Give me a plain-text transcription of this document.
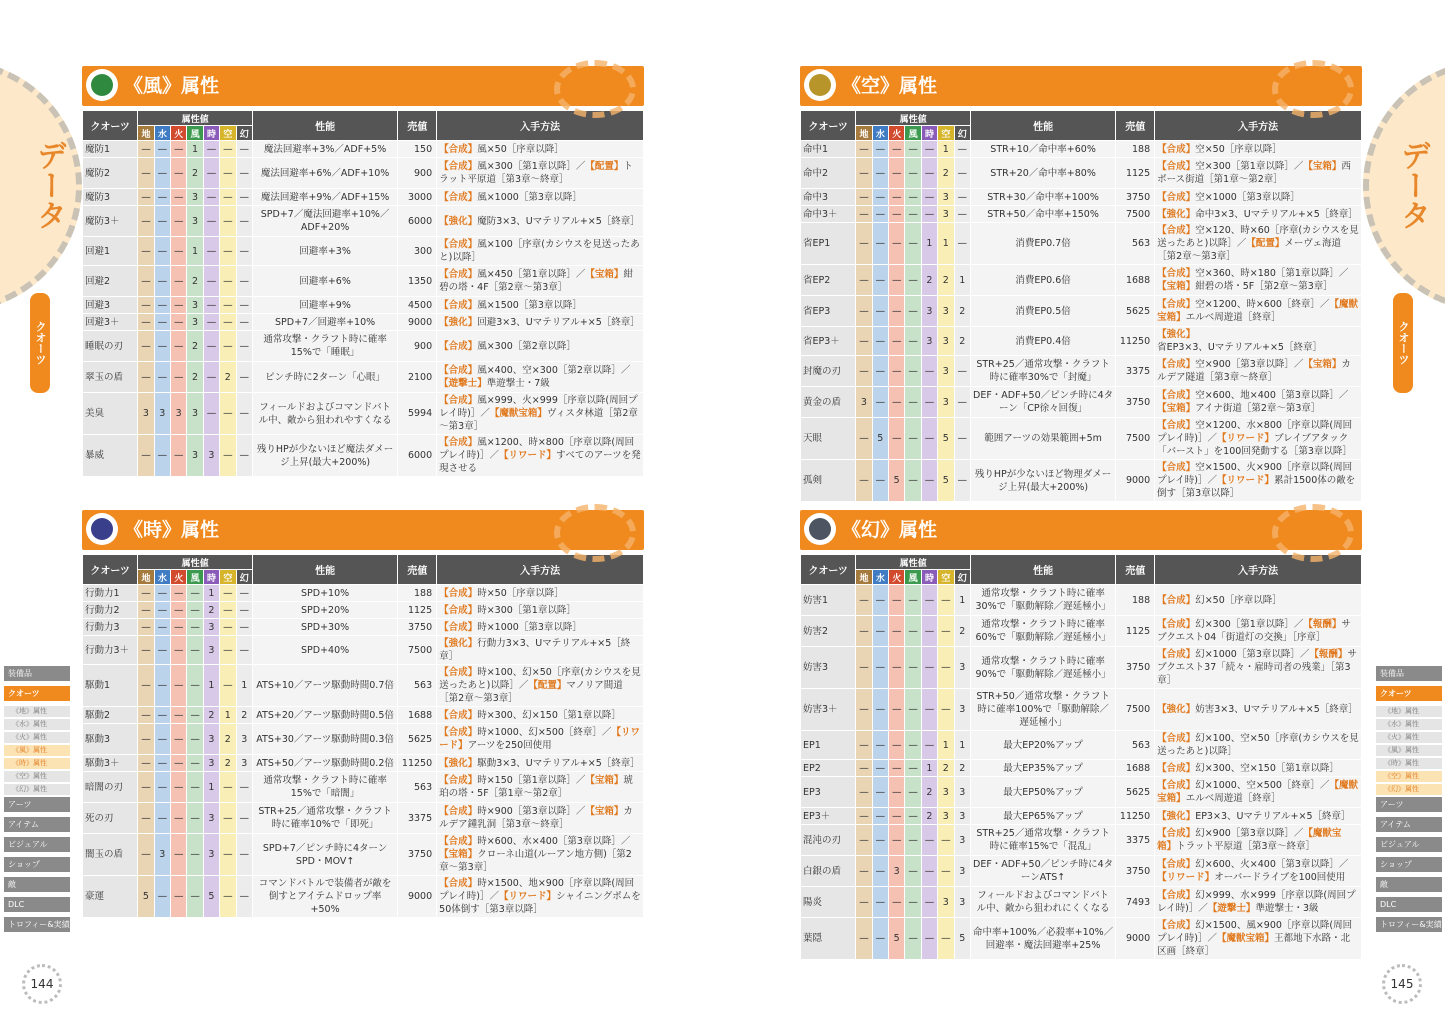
データ
クオーツ
装備品
クオーツ
《地》属性
《水》属性
《火》属性
《風》属性
《時》属性
《空》属性
《幻》属性
アーツ
アイテム
ビジュアル
ショップ
敵
DLC
トロフィー&実績
144
データ
クオーツ
装備品
クオーツ
《地》属性
《水》属性
《火》属性
《風》属性
《時》属性
《空》属性
《幻》属性
アーツ
アイテム
ビジュアル
ショップ
敵
DLC
トロフィー&実績
145
《風》属性
クオーツ	属性値							性能	売値	入手方法
	地	水	火	風	時	空	幻			
魔防1	—	—	—	1	—	—	—	魔法回避率+3%／ADF+5%	150	【合成】風×50［序章以降］
魔防2	—	—	—	2	—	—	—	魔法回避率+6%／ADF+10%	900	【合成】風×300［第1章以降］／【配置】トラット平原道［第3章～終章］
魔防3	—	—	—	3	—	—	—	魔法回避率+9%／ADF+15%	3000	【合成】風×1000［第3章以降］
魔防3＋	—	—	—	3	—	—	—	SPD+7／魔法回避率+10%／ADF+20%	6000	【強化】魔防3×3、Uマテリアル+×5［終章］
回避1	—	—	—	1	—	—	—	回避率+3%	300	【合成】風×100［序章(カシウスを見送ったあと)以降］
回避2	—	—	—	2	—	—	—	回避率+6%	1350	【合成】風×450［第1章以降］／【宝箱】紺碧の塔・4F［第2章～第3章］
回避3	—	—	—	3	—	—	—	回避率+9%	4500	【合成】風×1500［第3章以降］
回避3＋	—	—	—	3	—	—	—	SPD+7／回避率+10%	9000	【強化】回避3×3、Uマテリアル+×5［終章］
睡眠の刃	—	—	—	2	—	—	—	通常攻撃・クラフト時に確率15%で「睡眠」	900	【合成】風×300［第2章以降］
翠玉の盾	—	—	—	2	—	2	—	ピンチ時に2ターン「心眼」	2100	【合成】風×400、空×300［第2章以降］／【遊撃士】準遊撃士・7級
美臭	3	3	3	3	—	—	—	フィールドおよびコマンドバトル中、敵から狙われやすくなる	5994	【合成】風×999、火×999［序章以降(周回プレイ時)］／【魔獣宝箱】ヴィスタ林道［第2章～第3章］
暴威	—	—	—	3	3	—	—	残りHPが少ないほど魔法ダメージ上昇(最大+200%)	6000	【合成】風×1200、時×800［序章以降(周回プレイ時)］／【リワード】すべてのアーツを発現させる
《時》属性
クオーツ	属性値							性能	売値	入手方法
	地	水	火	風	時	空	幻			
行動力1	—	—	—	—	1	—	—	SPD+10%	188	【合成】時×50［序章以降］
行動力2	—	—	—	—	2	—	—	SPD+20%	1125	【合成】時×300［第1章以降］
行動力3	—	—	—	—	3	—	—	SPD+30%	3750	【合成】時×1000［第3章以降］
行動力3＋	—	—	—	—	3	—	—	SPD+40%	7500	【強化】行動力3×3、Uマテリアル+×5［終章］
駆動1	—	—	—	—	1	—	1	ATS+10／アーツ駆動時間0.7倍	563	【合成】時×100、幻×50［序章(カシウスを見送ったあと)以降］／【配置】マノリア間道［第2章～第3章］
駆動2	—	—	—	—	2	1	2	ATS+20／アーツ駆動時間0.5倍	1688	【合成】時×300、幻×150［第1章以降］
駆動3	—	—	—	—	3	2	3	ATS+30／アーツ駆動時間0.3倍	5625	【合成】時×1000、幻×500［終章］／【リワード】アーツを250回使用
駆動3＋	—	—	—	—	3	2	3	ATS+50／アーツ駆動時間0.2倍	11250	【強化】駆動3×3、Uマテリアル+×5［終章］
暗闇の刃	—	—	—	—	1	—	—	通常攻撃・クラフト時に確率15%で「暗闇」	563	【合成】時×150［第1章以降］／【宝箱】琥珀の塔・5F［第1章～第2章］
死の刃	—	—	—	—	3	—	—	STR+25／通常攻撃・クラフト時に確率10%で「即死」	3375	【合成】時×900［第3章以降］／【宝箱】カルデア鍾乳洞［第3章～終章］
闇玉の盾	—	3	—	—	3	—	—	SPD+7／ピンチ時に4ターンSPD・MOV↑	3750	【合成】時×600、水×400［第3章以降］／【宝箱】クローネ山道(ルーアン地方側)［第2章～第3章］
豪運	5	—	—	—	5	—	—	コマンドバトルで装備者が敵を倒すとアイテムドロップ率+50%	9000	【合成】時×1500、地×900［序章以降(周回プレイ時)］／【リワード】シャイニングポムを50体倒す［第3章以降］
《空》属性
クオーツ	属性値							性能	売値	入手方法
	地	水	火	風	時	空	幻			
命中1	—	—	—	—	—	1	—	STR+10／命中率+60%	188	【合成】空×50［序章以降］
命中2	—	—	—	—	—	2	—	STR+20／命中率+80%	1125	【合成】空×300［第1章以降］／【宝箱】西ボース街道［第1章～第2章］
命中3	—	—	—	—	—	3	—	STR+30／命中率+100%	3750	【合成】空×1000［第3章以降］
命中3＋	—	—	—	—	—	3	—	STR+50／命中率+150%	7500	【強化】命中3×3、Uマテリアル+×5［終章］
省EP1	—	—	—	—	1	1	—	消費EP0.7倍	563	【合成】空×120、時×60［序章(カシウスを見送ったあと)以降］／【配置】メーヴェ海道［第2章～第3章］
省EP2	—	—	—	—	2	2	1	消費EP0.6倍	1688	【合成】空×360、時×180［第1章以降］／【宝箱】紺碧の塔・5F［第2章～第3章］
省EP3	—	—	—	—	3	3	2	消費EP0.5倍	5625	【合成】空×1200、時×600［終章］／【魔獣宝箱】エルベ周遊道［終章］
省EP3＋	—	—	—	—	3	3	2	消費EP0.4倍	11250	【強化】省EP3×3、Uマテリアル+×5［終章］
封魔の刃	—	—	—	—	—	3	—	STR+25／通常攻撃・クラフト時に確率30%で「封魔」	3375	【合成】空×900［第3章以降］／【宝箱】カルデア隧道［第3章～終章］
黄金の盾	3	—	—	—	—	3	—	DEF・ADF+50／ピンチ時に4ターン「CP徐々回復」	3750	【合成】空×600、地×400［第3章以降］／【宝箱】アイナ街道［第2章～第3章］
天眼	—	5	—	—	—	5	—	範囲アーツの効果範囲+5m	7500	【合成】空×1200、水×800［序章以降(周回プレイ時)］／【リワード】ブレイブアタック「バースト」を100回発動する［第3章以降］
孤剣	—	—	5	—	—	5	—	残りHPが少ないほど物理ダメージ上昇(最大+200%)	9000	【合成】空×1500、火×900［序章以降(周回プレイ時)］／【リワード】累計1500体の敵を倒す［第3章以降］
《幻》属性
クオーツ	属性値							性能	売値	入手方法
	地	水	火	風	時	空	幻			
妨害1	—	—	—	—	—	—	1	通常攻撃・クラフト時に確率30%で「駆動解除／遅延極小」	188	【合成】幻×50［序章以降］
妨害2	—	—	—	—	—	—	2	通常攻撃・クラフト時に確率60%で「駆動解除／遅延極小」	1125	【合成】幻×300［第1章以降］／【報酬】サブクエスト04「街道灯の交換」［序章］
妨害3	—	—	—	—	—	—	3	通常攻撃・クラフト時に確率90%で「駆動解除／遅延極小」	3750	【合成】幻×1000［第3章以降］／【報酬】サブクエスト37「続々・雇時司者の残業」［第3章］
妨害3＋	—	—	—	—	—	—	3	STR+50／通常攻撃・クラフト時に確率100%で「駆動解除／遅延極小」	7500	【強化】妨害3×3、Uマテリアル+×5［終章］
EP1	—	—	—	—	—	1	1	最大EP20%アップ	563	【合成】幻×100、空×50［序章(カシウスを見送ったあと)以降］
EP2	—	—	—	—	1	2	2	最大EP35%アップ	1688	【合成】幻×300、空×150［第1章以降］
EP3	—	—	—	—	2	3	3	最大EP50%アップ	5625	【合成】幻×1000、空×500［終章］／【魔獣宝箱】エルベ周遊道［終章］
EP3＋	—	—	—	—	2	3	3	最大EP65%アップ	11250	【強化】EP3×3、Uマテリアル+×5［終章］
混沌の刃	—	—	—	—	—	—	3	STR+25／通常攻撃・クラフト時に確率15%で「混乱」	3375	【合成】幻×900［第3章以降］／【魔獣宝箱】トラット平原道［第3章～終章］
白銀の盾	—	—	3	—	—	—	3	DEF・ADF+50／ピンチ時に4ターンATS↑	3750	【合成】幻×600、火×400［第3章以降］／【リワード】オーバードライブを100回使用
陽炎	—	—	—	—	—	3	3	フィールドおよびコマンドバトル中、敵から狙われにくくなる	7493	【合成】幻×999、水×999［序章以降(周回プレイ時)］／【遊撃士】準遊撃士・3級
葉隠	—	—	5	—	—	—	5	命中率+100%／必殺率+10%／回避率・魔法回避率+25%	9000	【合成】幻×1500、風×900［序章以降(周回プレイ時)］／【魔獣宝箱】王都地下水路・北区画［終章］
